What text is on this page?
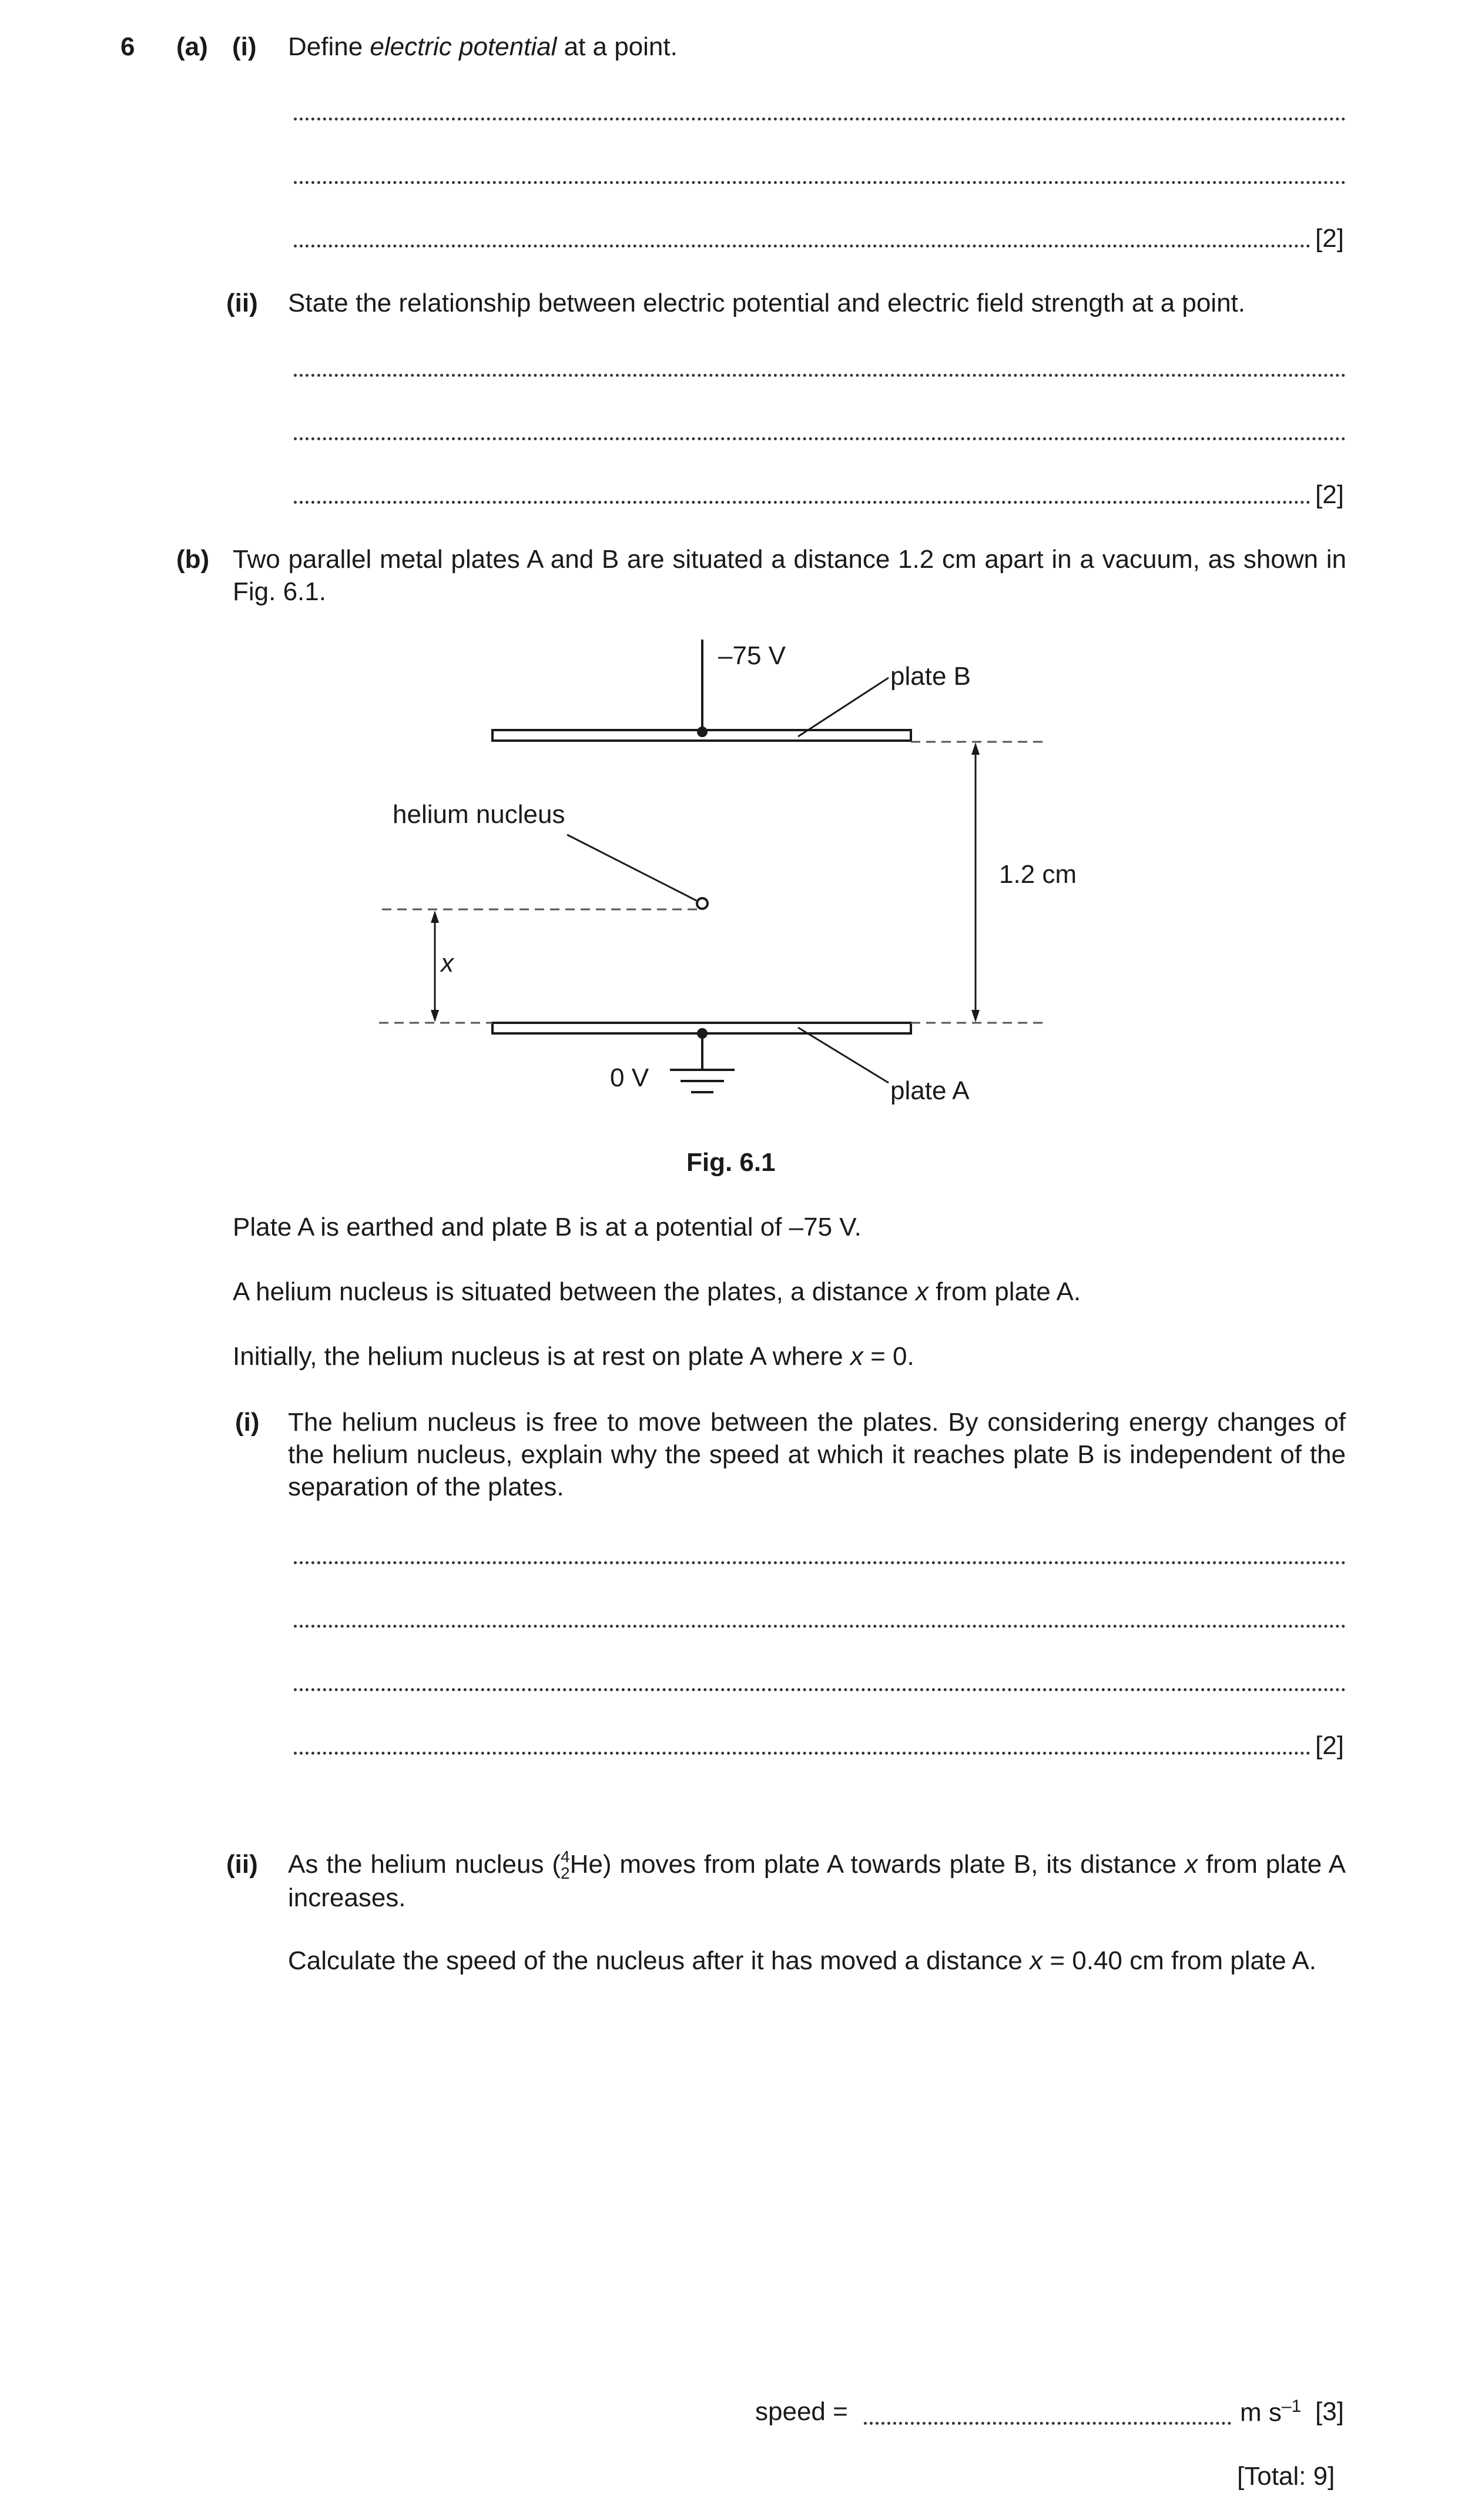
6 (a) (i) Define electric potential at a point.
[2]
(ii) State the relationship between electric potential and electric field strength at a point.
[2]
(b) Two parallel metal plates A and B are situated a distance 1.2 cm apart in a vacuum, as shown in Fig. 6.1.
–75 V
plate B
0 V	plate A
helium nucleus
x
1.2 cm
Fig. 6.1
Plate A is earthed and plate B is at a potential of –75 V.
A helium nucleus is situated between the plates, a distance x from plate A.
Initially, the helium nucleus is at rest on plate A where x = 0.
(i) The helium nucleus is free to move between the plates. By considering energy changes of the helium nucleus, explain why the speed at which it reaches plate B is independent of the separation of the plates.
[2]
(ii) As the helium nucleus ( 4
2 He) moves from plate A towards plate B, its distance x from plate A increases.
Calculate the speed of the nucleus after it has moved a distance x = 0.40 cm from plate A.
speed =	m $s^{-1}$ [3]
[Total: 9]
